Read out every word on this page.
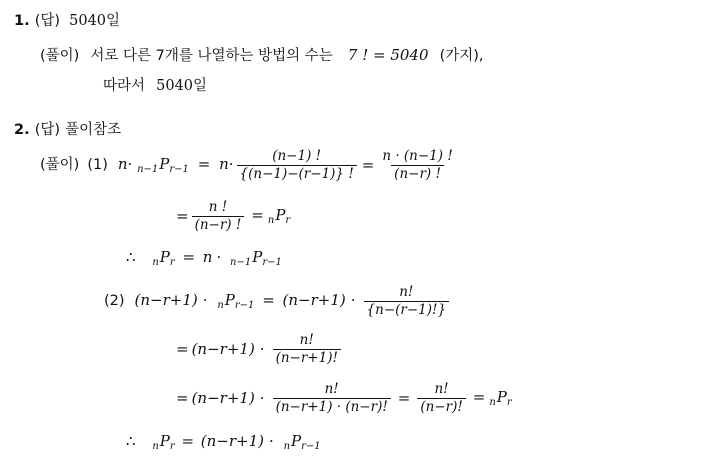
1. (답) 5040일
(풀이) 서로 다른 7개를 나열하는 방법의 수는 7 ! = 5040 (가지),
따라서 5040일
2. (답) 풀이참조
(풀이) (1) $n\cdot _{n-1}P_{r-1} = n\cdot \frac{(n-1) !}{\{(n-1)-(r-1)\} !} = \frac{n \cdot (n-1) !}{(n-r) !}$
= $\frac{n !}{(n-r) !} = _nP_r$
∴ $_nP_r = n \cdot _{n-1}P_{r-1}$
(2) $(n-r+1) \cdot _nP_{r-1} = (n-r+1) \cdot \frac{n!}{\{n-(r-1)!\}}$
= $(n-r+1) \cdot \frac{n!}{(n-r+1)!}$
= $(n-r+1) \cdot \frac{n!}{(n-r+1) \cdot (n-r)!} = \frac{n!}{(n-r)!} = _nP_r$
∴ $_nP_r = (n-r+1) \cdot _nP_{r-1}$
